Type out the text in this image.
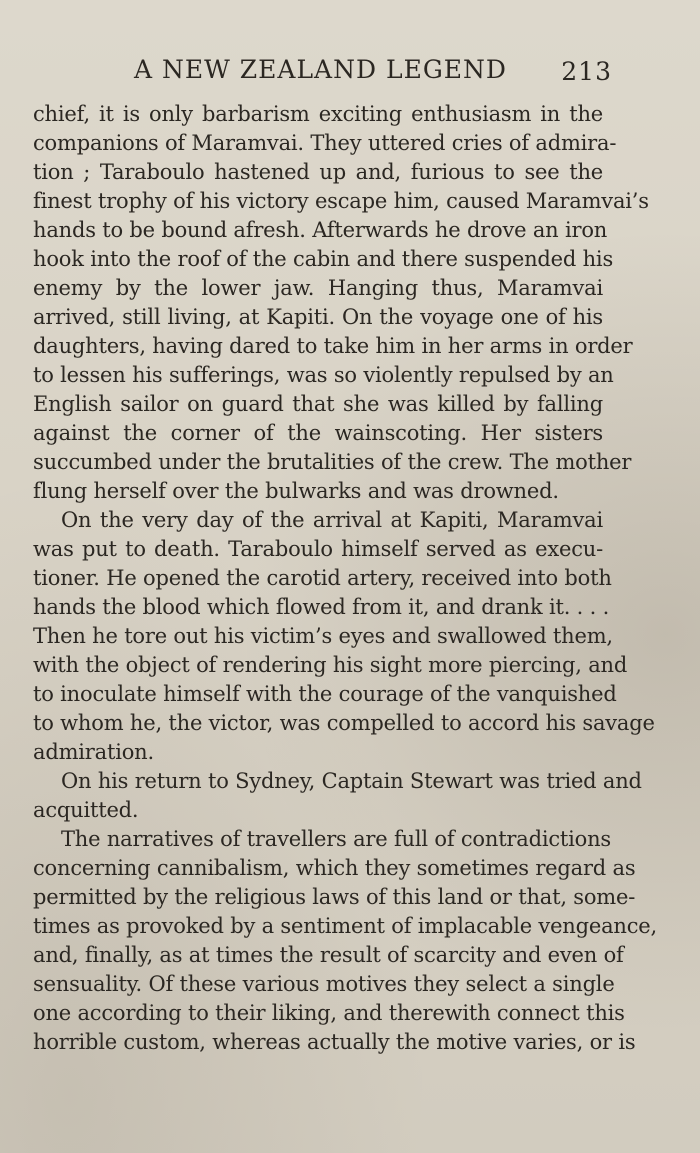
A NEW ZEALAND LEGEND 213
chief, it is only barbarism exciting enthusiasm in the
companions of Maramvai. They uttered cries of admira-
tion ; Taraboulo hastened up and, furious to see the
finest trophy of his victory escape him, caused Maramvai’s
hands to be bound afresh. Afterwards he drove an iron
hook into the roof of the cabin and there suspended his
enemy by the lower jaw. Hanging thus, Maramvai
arrived, still living, at Kapiti. On the voyage one of his
daughters, having dared to take him in her arms in order
to lessen his sufferings, was so violently repulsed by an
English sailor on guard that she was killed by falling
against the corner of the wainscoting. Her sisters
succumbed under the brutalities of the crew. The mother
flung herself over the bulwarks and was drowned.
On the very day of the arrival at Kapiti, Maramvai
was put to death. Taraboulo himself served as execu-
tioner. He opened the carotid artery, received into both
hands the blood which flowed from it, and drank it. . . .
Then he tore out his victim’s eyes and swallowed them,
with the object of rendering his sight more piercing, and
to inoculate himself with the courage of the vanquished
to whom he, the victor, was compelled to accord his savage
admiration.
On his return to Sydney, Captain Stewart was tried and
acquitted.
The narratives of travellers are full of contradictions
concerning cannibalism, which they sometimes regard as
permitted by the religious laws of this land or that, some-
times as provoked by a sentiment of implacable vengeance,
and, finally, as at times the result of scarcity and even of
sensuality. Of these various motives they select a single
one according to their liking, and therewith connect this
horrible custom, whereas actually the motive varies, or is
